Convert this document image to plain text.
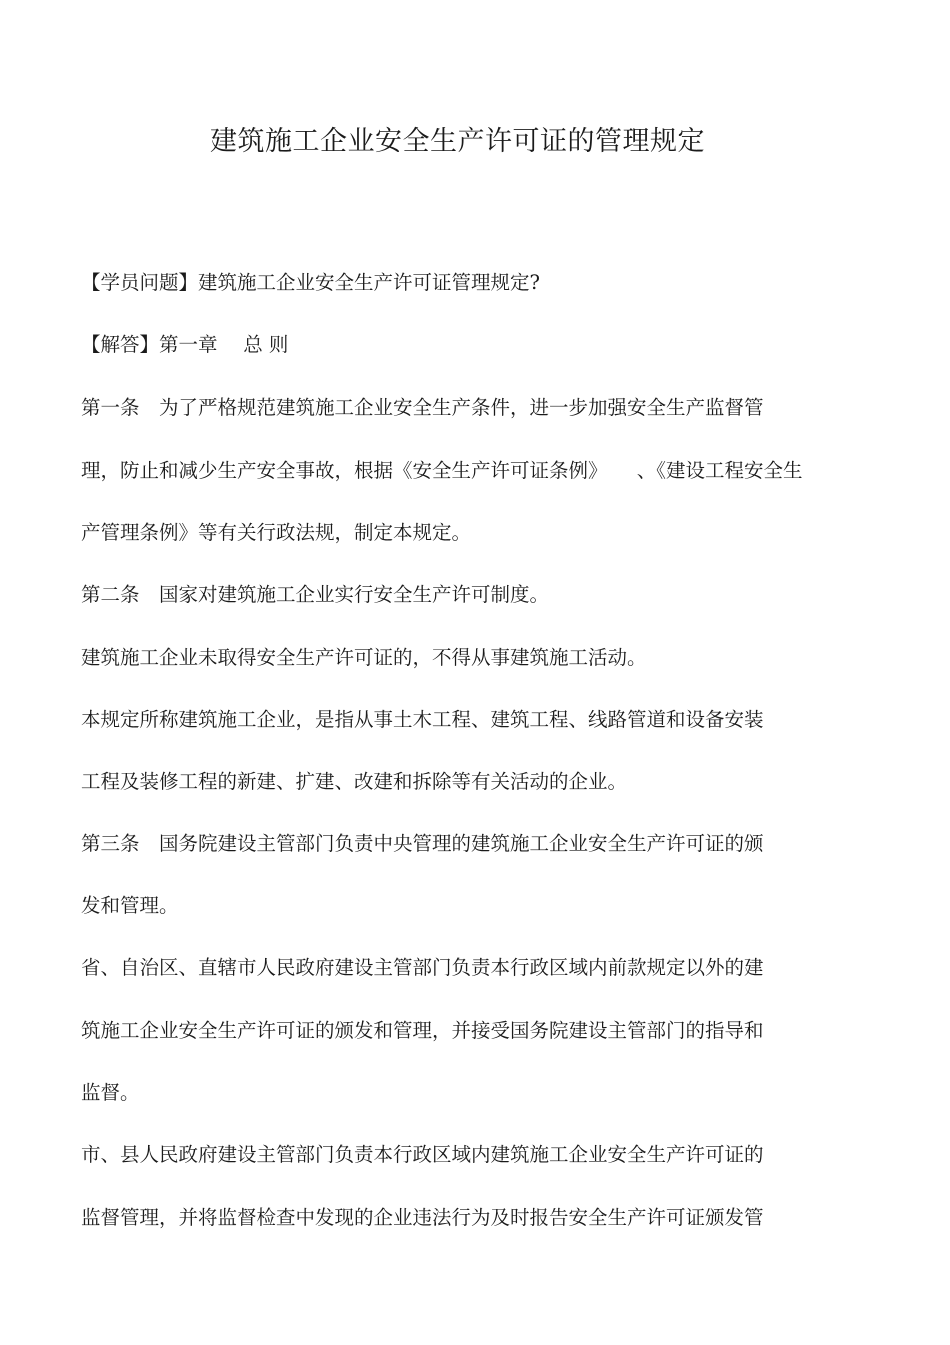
建筑施工企业安全生产许可证的管理规定
【学员问题】建筑施工企业安全生产许可证管理规定?
【解答】第一章　 总 则
第一条　为了严格规范建筑施工企业安全生产条件，进一步加强安全生产监督管
理，防止和减少生产安全事故，根据《安全生产许可证条例》　　、《建设工程安全生
产管理条例》等有关行政法规，制定本规定。
第二条　国家对建筑施工企业实行安全生产许可制度。
建筑施工企业未取得安全生产许可证的，不得从事建筑施工活动。
本规定所称建筑施工企业，是指从事土木工程、建筑工程、线路管道和设备安装
工程及装修工程的新建、扩建、改建和拆除等有关活动的企业。
第三条　国务院建设主管部门负责中央管理的建筑施工企业安全生产许可证的颁
发和管理。
省、自治区、直辖市人民政府建设主管部门负责本行政区域内前款规定以外的建
筑施工企业安全生产许可证的颁发和管理，并接受国务院建设主管部门的指导和
监督。
市、县人民政府建设主管部门负责本行政区域内建筑施工企业安全生产许可证的
监督管理，并将监督检查中发现的企业违法行为及时报告安全生产许可证颁发管
